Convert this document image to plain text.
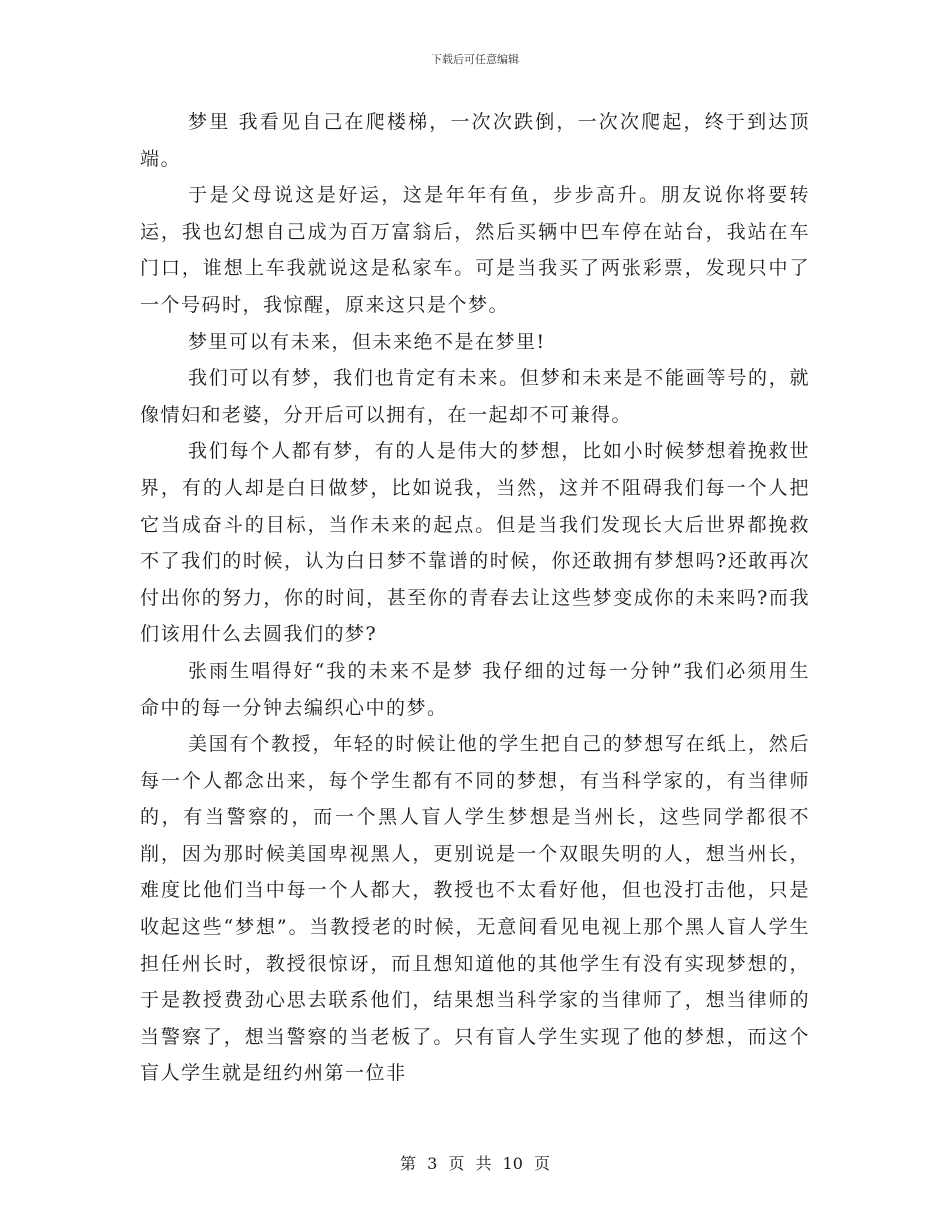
下载后可任意编辑

梦里 我看见自己在爬楼梯，一次次跌倒，一次次爬起，终于到达顶端。

于是父母说这是好运，这是年年有鱼，步步高升。朋友说你将要转运，我也幻想自己成为百万富翁后，然后买辆中巴车停在站台，我站在车门口，谁想上车我就说这是私家车。可是当我买了两张彩票，发现只中了一个号码时，我惊醒，原来这只是个梦。

梦里可以有未来，但未来绝不是在梦里!

我们可以有梦，我们也肯定有未来。但梦和未来是不能画等号的，就像情妇和老婆，分开后可以拥有，在一起却不可兼得。

我们每个人都有梦，有的人是伟大的梦想，比如小时候梦想着挽救世界，有的人却是白日做梦，比如说我，当然，这并不阻碍我们每一个人把它当成奋斗的目标，当作未来的起点。但是当我们发现长大后世界都挽救不了我们的时候，认为白日梦不靠谱的时候，你还敢拥有梦想吗?还敢再次付出你的努力，你的时间，甚至你的青春去让这些梦变成你的未来吗?而我们该用什么去圆我们的梦?

张雨生唱得好“我的未来不是梦 我仔细的过每一分钟”我们必须用生命中的每一分钟去编织心中的梦。

美国有个教授，年轻的时候让他的学生把自己的梦想写在纸上，然后每一个人都念出来，每个学生都有不同的梦想，有当科学家的，有当律师的，有当警察的，而一个黑人盲人学生梦想是当州长，这些同学都很不削，因为那时候美国卑视黑人，更别说是一个双眼失明的人，想当州长，难度比他们当中每一个人都大，教授也不太看好他，但也没打击他，只是收起这些“梦想”。当教授老的时候，无意间看见电视上那个黑人盲人学生担任州长时，教授很惊讶，而且想知道他的其他学生有没有实现梦想的，于是教授费劲心思去联系他们，结果想当科学家的当律师了，想当律师的当警察了，想当警察的当老板了。只有盲人学生实现了他的梦想，而这个盲人学生就是纽约州第一位非

第 3 页 共 10 页
